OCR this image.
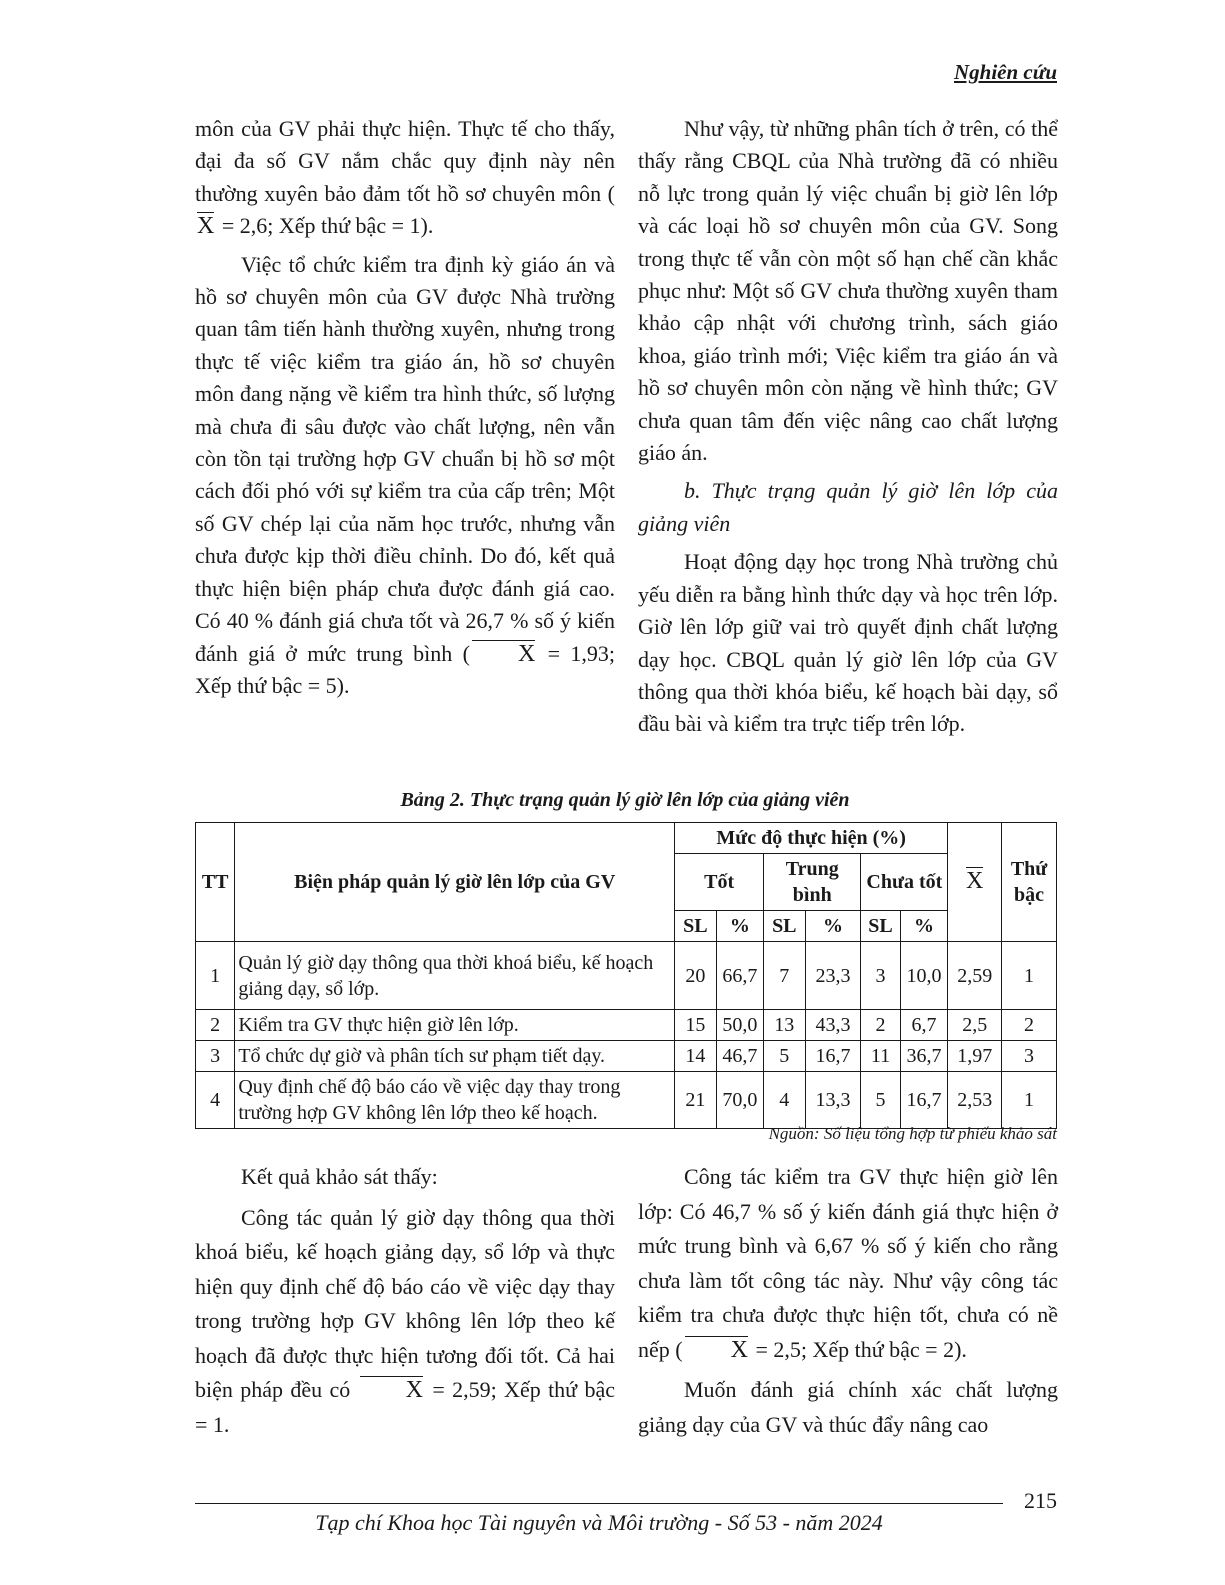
Nghiên cứu

môn của GV phải thực hiện. Thực tế cho thấy, đại đa số GV nắm chắc quy định này nên thường xuyên bảo đảm tốt hồ sơ chuyên môn (X = 2,6; Xếp thứ bậc = 1).

Việc tổ chức kiểm tra định kỳ giáo án và hồ sơ chuyên môn của GV được Nhà trường quan tâm tiến hành thường xuyên, nhưng trong thực tế việc kiểm tra giáo án, hồ sơ chuyên môn đang nặng về kiểm tra hình thức, số lượng mà chưa đi sâu được vào chất lượng, nên vẫn còn tồn tại trường hợp GV chuẩn bị hồ sơ một cách đối phó với sự kiểm tra của cấp trên; Một số GV chép lại của năm học trước, nhưng vẫn chưa được kịp thời điều chỉnh. Do đó, kết quả thực hiện biện pháp chưa được đánh giá cao. Có 40 % đánh giá chưa tốt và 26,7 % số ý kiến đánh giá ở mức trung bình ( X = 1,93; Xếp thứ bậc = 5).

Như vậy, từ những phân tích ở trên, có thể thấy rằng CBQL của Nhà trường đã có nhiều nỗ lực trong quản lý việc chuẩn bị giờ lên lớp và các loại hồ sơ chuyên môn của GV. Song trong thực tế vẫn còn một số hạn chế cần khắc phục như: Một số GV chưa thường xuyên tham khảo cập nhật với chương trình, sách giáo khoa, giáo trình mới; Việc kiểm tra giáo án và hồ sơ chuyên môn còn nặng về hình thức; GV chưa quan tâm đến việc nâng cao chất lượng giáo án.

b. Thực trạng quản lý giờ lên lớp của giảng viên

Hoạt động dạy học trong Nhà trường chủ yếu diễn ra bằng hình thức dạy và học trên lớp. Giờ lên lớp giữ vai trò quyết định chất lượng dạy học. CBQL quản lý giờ lên lớp của GV thông qua thời khóa biểu, kế hoạch bài dạy, sổ đầu bài và kiểm tra trực tiếp trên lớp.

Bảng 2. Thực trạng quản lý giờ lên lớp của giảng viên
TT	Biện pháp quản lý giờ lên lớp của GV	Mức độ thực hiện (%)						X	Thứ bậc
		Tốt		Trung bình		Chưa tốt			
		SL	%	SL	%	SL	%		
1	Quản lý giờ dạy thông qua thời khoá biểu, kế hoạch giảng dạy, sổ lớp.	20	66,7	7	23,3	3	10,0	2,59	1
2	Kiểm tra GV thực hiện giờ lên lớp.	15	50,0	13	43,3	2	6,7	2,5	2
3	Tổ chức dự giờ và phân tích sư phạm tiết dạy.	14	46,7	5	16,7	11	36,7	1,97	3
4	Quy định chế độ báo cáo về việc dạy thay trong trường hợp GV không lên lớp theo kế hoạch.	21	70,0	4	13,3	5	16,7	2,53	1
Nguồn: Số liệu tổng hợp từ phiếu khảo sát

Kết quả khảo sát thấy:

Công tác quản lý giờ dạy thông qua thời khoá biểu, kế hoạch giảng dạy, sổ lớp và thực hiện quy định chế độ báo cáo về việc dạy thay trong trường hợp GV không lên lớp theo kế hoạch đã được thực hiện tương đối tốt. Cả hai biện pháp đều có X = 2,59; Xếp thứ bậc = 1.

Công tác kiểm tra GV thực hiện giờ lên lớp: Có 46,7 % số ý kiến đánh giá thực hiện ở mức trung bình và 6,67 % số ý kiến cho rằng chưa làm tốt công tác này. Như vậy công tác kiểm tra chưa được thực hiện tốt, chưa có nề nếp ( X = 2,5; Xếp thứ bậc = 2).

Muốn đánh giá chính xác chất lượng giảng dạy của GV và thúc đẩy nâng cao

215
Tạp chí Khoa học Tài nguyên và Môi trường - Số 53 - năm 2024
